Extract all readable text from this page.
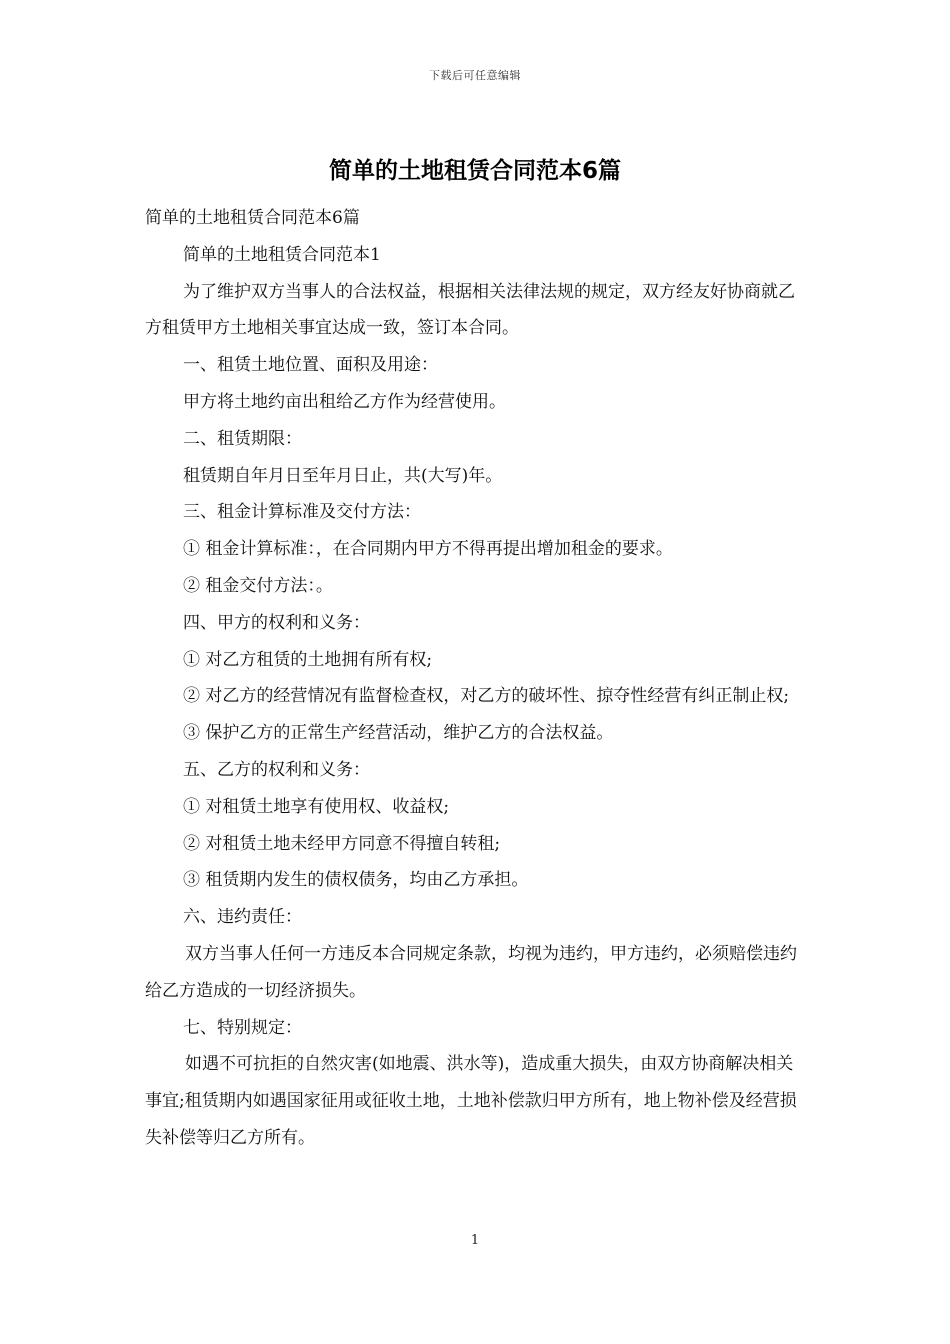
下载后可任意编辑
简单的土地租赁合同范本6篇

简单的土地租赁合同范本6篇

简单的土地租赁合同范本1

为了维护双方当事人的合法权益，根据相关法律法规的规定，双方经友好协商就乙方租赁甲方土地相关事宜达成一致，签订本合同。

一、租赁土地位置、面积及用途：

甲方将土地约亩出租给乙方作为经营使用。

二、租赁期限：

租赁期自年月日至年月日止，共(大写)年。

三、租金计算标准及交付方法：

① 租金计算标准：，在合同期内甲方不得再提出增加租金的要求。

② 租金交付方法：。

四、甲方的权利和义务：

① 对乙方租赁的土地拥有所有权;

② 对乙方的经营情况有监督检查权，对乙方的破坏性、掠夺性经营有纠正制止权;

③ 保护乙方的正常生产经营活动，维护乙方的合法权益。

五、乙方的权利和义务：

① 对租赁土地享有使用权、收益权;

② 对租赁土地未经甲方同意不得擅自转租;

③ 租赁期内发生的债权债务，均由乙方承担。

六、违约责任：

双方当事人任何一方违反本合同规定条款，均视为违约，甲方违约，必须赔偿违约给乙方造成的一切经济损失。

七、特别规定：

如遇不可抗拒的自然灾害(如地震、洪水等)，造成重大损失，由双方协商解决相关事宜;租赁期内如遇国家征用或征收土地，土地补偿款归甲方所有，地上物补偿及经营损失补偿等归乙方所有。

1
